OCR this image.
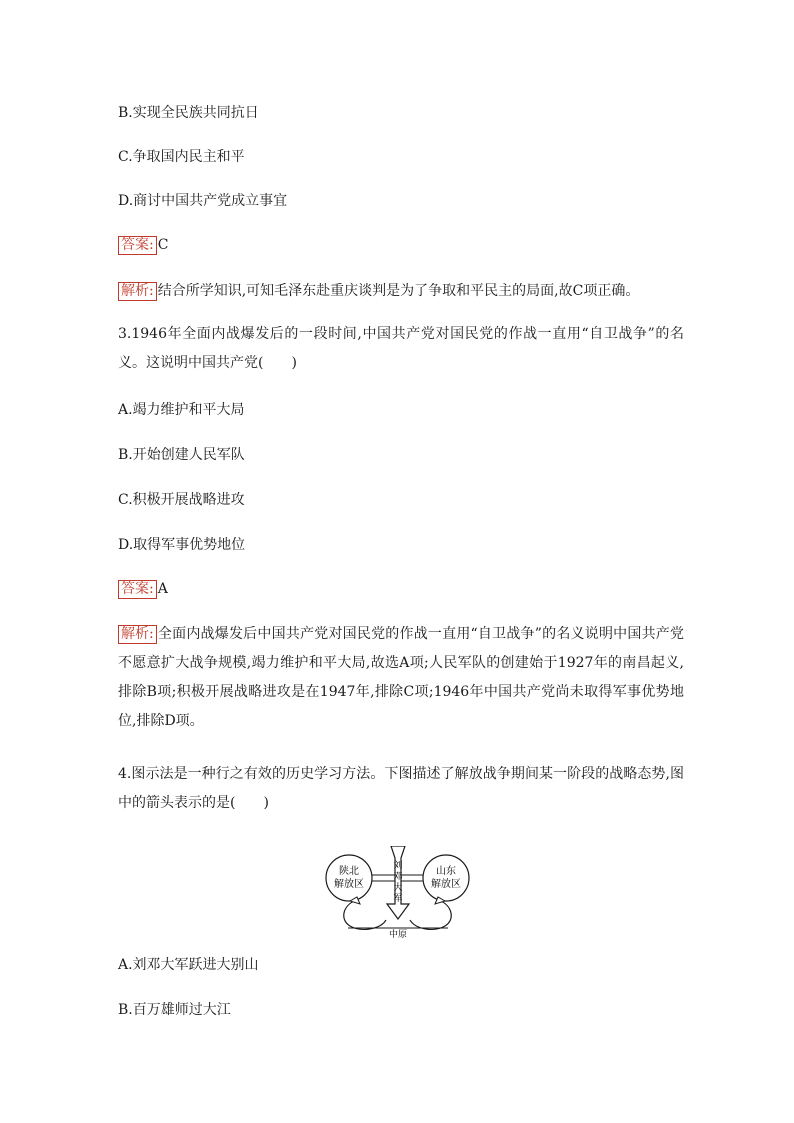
B.实现全民族共同抗日
C.争取国内民主和平
D.商讨中国共产党成立事宜
答案: C
解析: 结合所学知识,可知毛泽东赴重庆谈判是为了争取和平民主的局面,故C项正确。
3.1946年全面内战爆发后的一段时间,中国共产党对国民党的作战一直用“自卫战争”的名义。这说明中国共产党(　　)
A.竭力维护和平大局
B.开始创建人民军队
C.积极开展战略进攻
D.取得军事优势地位
答案: A
解析: 全面内战爆发后中国共产党对国民党的作战一直用“自卫战争”的名义说明中国共产党不愿意扩大战争规模,竭力维护和平大局,故选A项;人民军队的创建始于1927年的南昌起义,排除B项;积极开展战略进攻是在1947年,排除C项;1946年中国共产党尚未取得军事优势地位,排除D项。
4.图示法是一种行之有效的历史学习方法。下图描述了解放战争期间某一阶段的战略态势,图中的箭头表示的是(　　)
陕北
解放区
山东
解放区
刘
邓
大
军
中原
A.刘邓大军跃进大别山
B.百万雄师过大江
